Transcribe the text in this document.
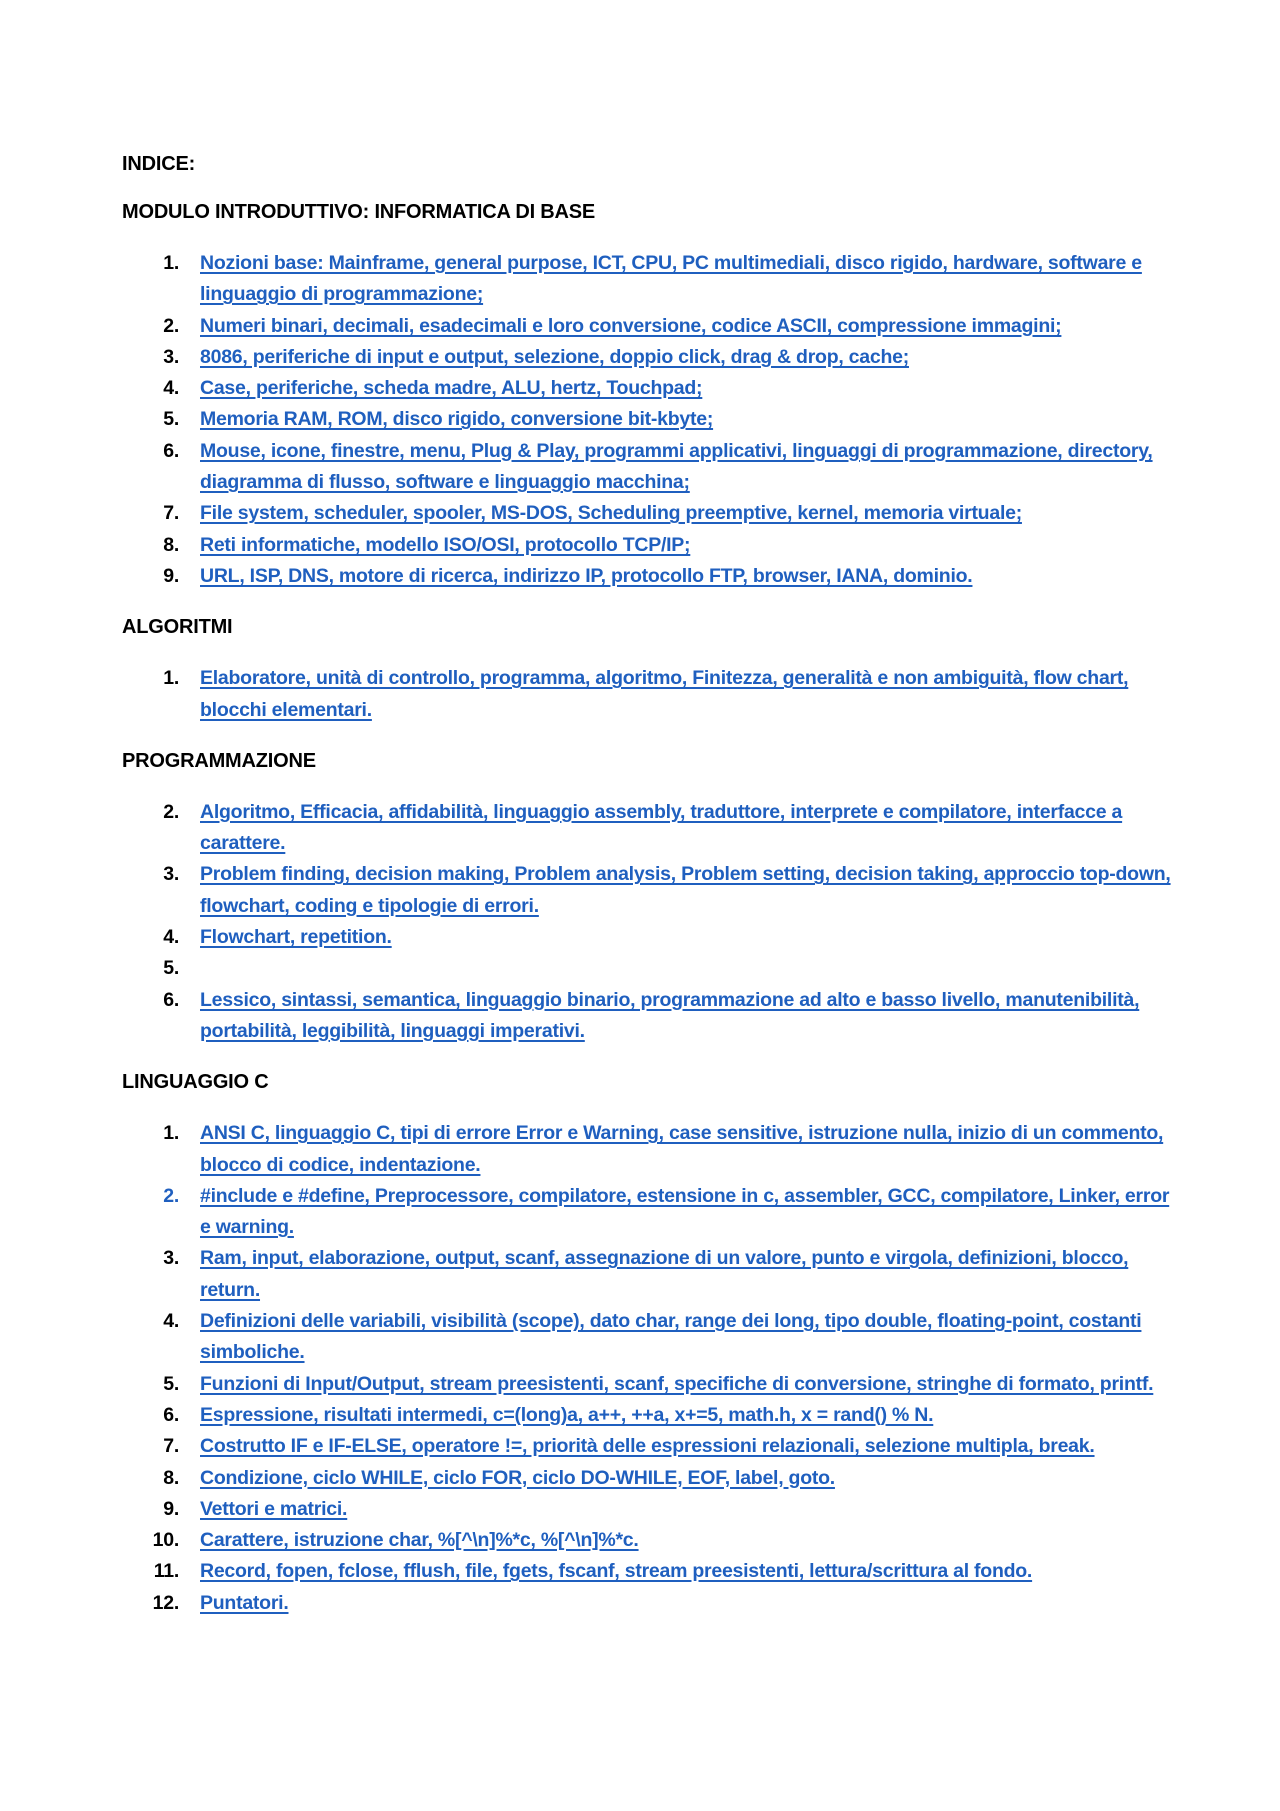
INDICE:
MODULO INTRODUTTIVO: INFORMATICA DI BASE
1. Nozioni base: Mainframe, general purpose, ICT, CPU, PC multimediali, disco rigido, hardware, software e linguaggio di programmazione;
2. Numeri binari, decimali, esadecimali e loro conversione, codice ASCII, compressione immagini;
3. 8086, periferiche di input e output, selezione, doppio click, drag & drop, cache;
4. Case, periferiche, scheda madre, ALU, hertz, Touchpad;
5. Memoria RAM, ROM, disco rigido, conversione bit-kbyte;
6. Mouse, icone, finestre, menu, Plug & Play, programmi applicativi, linguaggi di programmazione, directory, diagramma di flusso, software e linguaggio macchina;
7. File system, scheduler, spooler, MS-DOS, Scheduling preemptive, kernel, memoria virtuale;
8. Reti informatiche, modello ISO/OSI, protocollo TCP/IP;
9. URL, ISP, DNS, motore di ricerca, indirizzo IP, protocollo FTP, browser, IANA, dominio.
ALGORITMI
1. Elaboratore, unità di controllo, programma, algoritmo, Finitezza, generalità e non ambiguità, flow chart, blocchi elementari.
PROGRAMMAZIONE
2. Algoritmo, Efficacia, affidabilità, linguaggio assembly, traduttore, interprete e compilatore, interfacce a carattere.
3. Problem finding, decision making, Problem analysis, Problem setting, decision taking, approccio top-down, flowchart, coding e tipologie di errori.
4. Flowchart, repetition.
5.
6. Lessico, sintassi, semantica, linguaggio binario, programmazione ad alto e basso livello, manutenibilità, portabilità, leggibilità, linguaggi imperativi.
LINGUAGGIO C
1. ANSI C, linguaggio C, tipi di errore Error e Warning, case sensitive, istruzione nulla, inizio di un commento, blocco di codice, indentazione.
2. #include e #define, Preprocessore, compilatore, estensione in c, assembler, GCC, compilatore, Linker, error e warning.
3. Ram, input, elaborazione, output, scanf, assegnazione di un valore, punto e virgola, definizioni, blocco, return.
4. Definizioni delle variabili, visibilità (scope), dato char, range dei long, tipo double, floating-point, costanti simboliche.
5. Funzioni di Input/Output, stream preesistenti, scanf, specifiche di conversione, stringhe di formato, printf.
6. Espressione, risultati intermedi, c=(long)a, a++, ++a, x+=5, math.h, x = rand() % N.
7. Costrutto IF e IF-ELSE, operatore !=, priorità delle espressioni relazionali, selezione multipla, break.
8. Condizione, ciclo WHILE, ciclo FOR, ciclo DO-WHILE, EOF, label, goto.
9. Vettori e matrici.
10. Carattere, istruzione char, %[^\n]%*c, %[^\n]%*c.
11. Record, fopen, fclose, fflush, file, fgets, fscanf, stream preesistenti, lettura/scrittura al fondo.
12. Puntatori.
